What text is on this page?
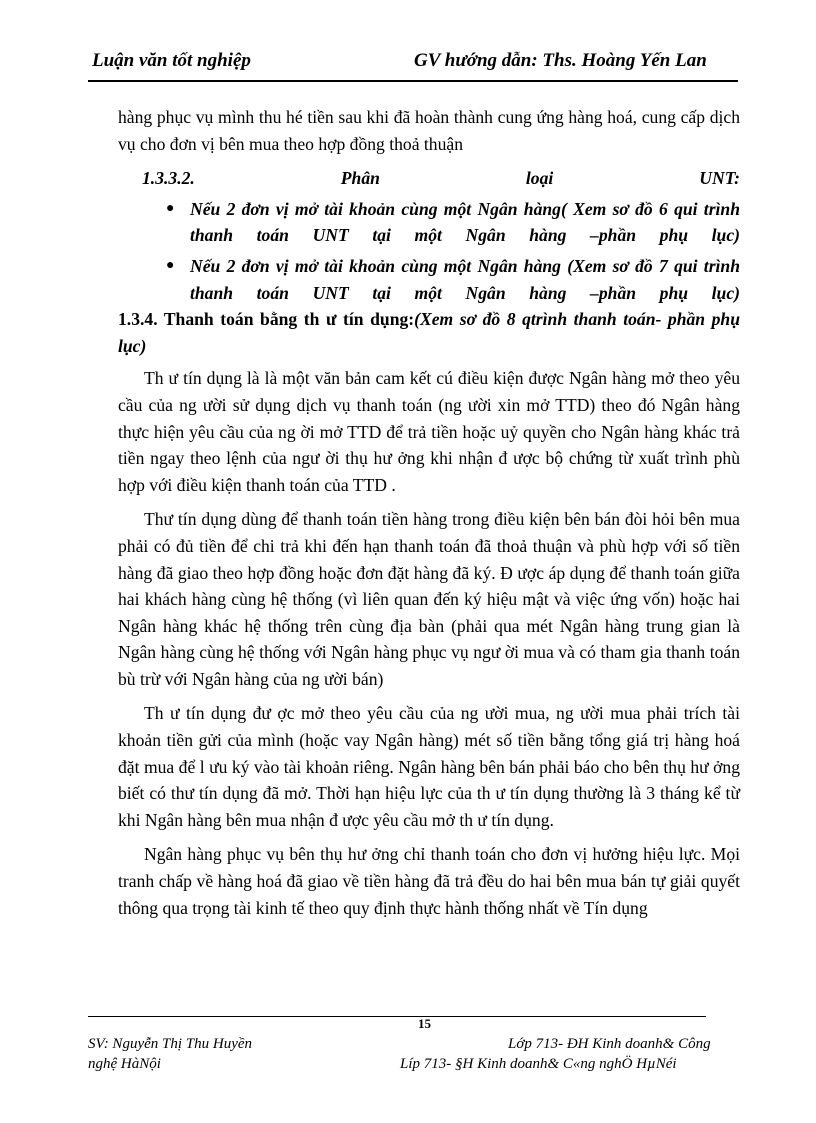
Luận văn tốt nghiệp	GV hướng dẫn: Ths. Hoàng Yến Lan

hàng phục vụ mình thu hé tiền sau khi đã hoàn thành cung ứng hàng hoá, cung cấp dịch vụ cho đơn vị bên mua theo hợp đồng thoả thuận

1.3.3.2.	Phân	loại	UNT:
● Nếu 2 đơn vị mở tài khoản cùng một Ngân hàng( Xem sơ đồ 6 qui trình thanh toán UNT tại một Ngân hàng –phần phụ lục)
● Nếu 2 đơn vị mở tài khoản cùng một Ngân hàng (Xem sơ đồ 7 qui trình thanh toán UNT tại một Ngân hàng –phần phụ lục)

1.3.4. Thanh toán bằng th ư tín dụng:(Xem sơ đồ 8 qtrình thanh toán- phần phụ lục)

Th ư tín dụng là là một văn bản cam kết cú điều kiện được Ngân hàng mở theo yêu cầu của ng ười sử dụng dịch vụ thanh toán (ng ười xin mở TTD) theo đó Ngân hàng thực hiện yêu cầu của ng ời mở TTD để trả tiền hoặc uỷ quyền cho Ngân hàng khác trả tiền ngay theo lệnh của ngư ời thụ hư ởng khi nhận đ ược bộ chứng từ xuất trình phù hợp với điều kiện thanh toán của TTD .

Thư tín dụng dùng để thanh toán tiền hàng trong điều kiện bên bán đòi hỏi bên mua phải có đủ tiền để chi trả khi đến hạn thanh toán đã thoả thuận và phù hợp với số tiền hàng đã giao theo hợp đồng hoặc đơn đặt hàng đã ký. Đ ược áp dụng để thanh toán giữa hai khách hàng cùng hệ thống (vì liên quan đến ký hiệu mật và việc ứng vốn) hoặc hai Ngân hàng khác hệ thống trên cùng địa bàn (phải qua mét Ngân hàng trung gian là Ngân hàng cùng hệ thống với Ngân hàng phục vụ ngư ời mua và có tham gia thanh toán bù trừ với Ngân hàng của ng ười bán)

Th ư tín dụng đư ợc mở theo yêu cầu của ng ười mua, ng ười mua phải trích tài khoản tiền gửi của mình (hoặc vay Ngân hàng) mét số tiền bằng tổng giá trị hàng hoá đặt mua để l ưu ký vào tài khoản riêng. Ngân hàng bên bán phải báo cho bên thụ hư ởng biết có thư tín dụng đã mở. Thời hạn hiệu lực của th ư tín dụng thường là 3 tháng kể từ khi Ngân hàng bên mua nhận đ ược yêu cầu mở th ư tín dụng.

Ngân hàng phục vụ bên thụ hư ởng chỉ thanh toán cho đơn vị hưởng hiệu lực. Mọi tranh chấp về hàng hoá đã giao về tiền hàng đã trả đều do hai bên mua bán tự giải quyết thông qua trọng tài kinh tế theo quy định thực hành thống nhất về Tín dụng

15
SV: Nguyễn Thị Thu Huyền	Lớp 713- ĐH Kinh doanh& Công
nghệ HàNội	Líp 713- §H Kinh doanh& C«ng nghÖ HµNéi
